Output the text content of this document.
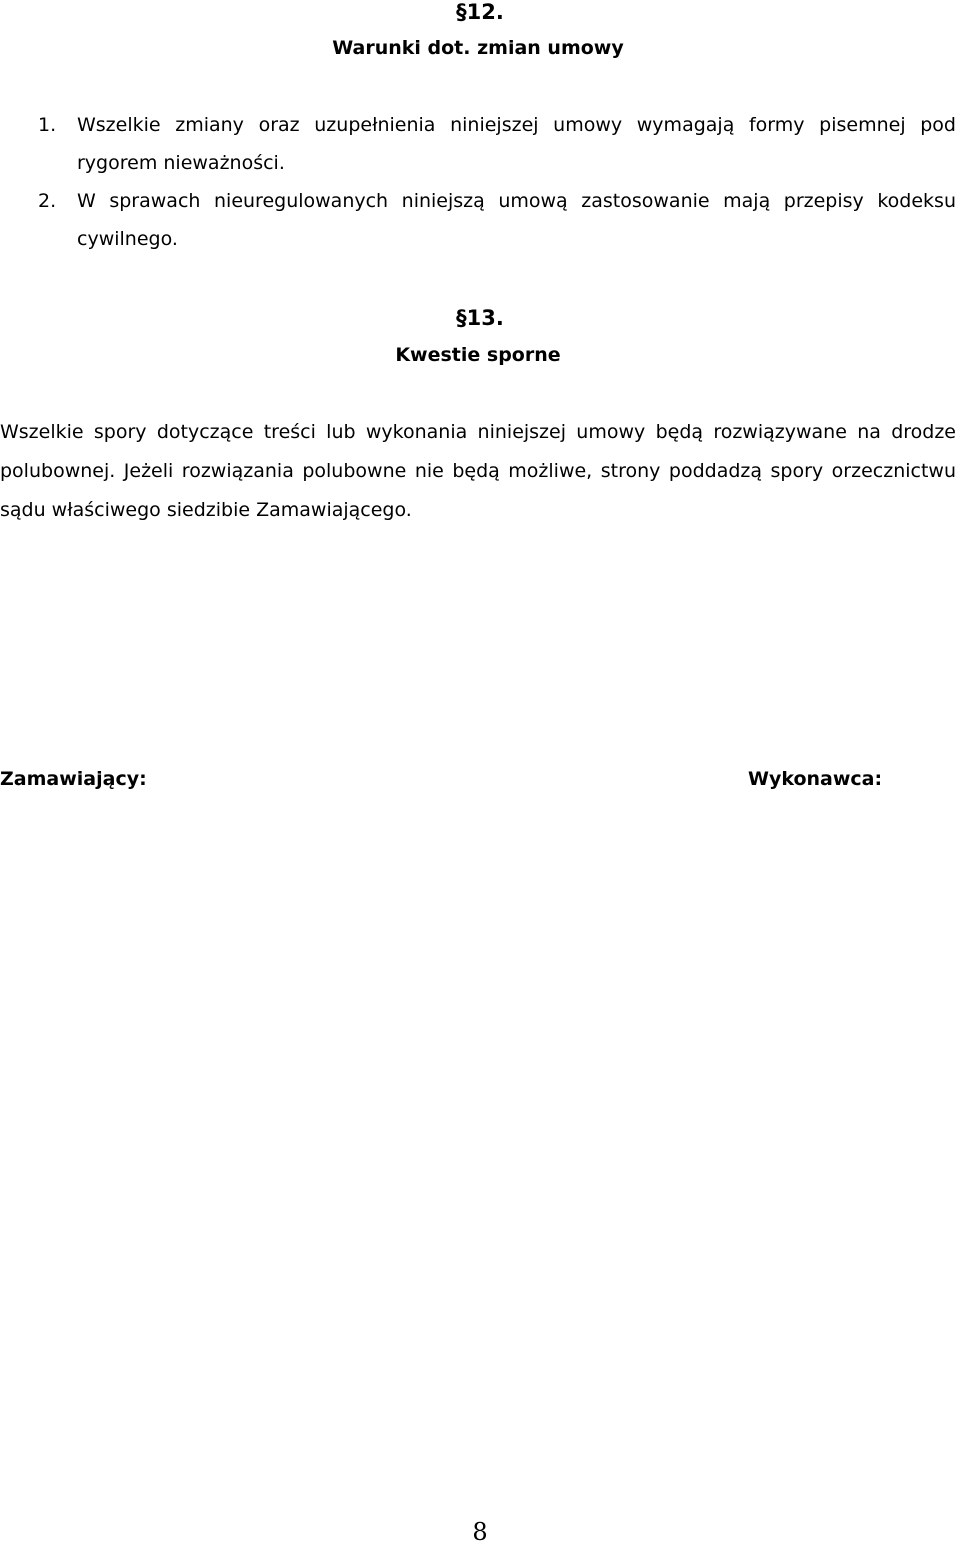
§12.
Warunki dot. zmian umowy
1. Wszelkie zmiany oraz uzupełnienia niniejszej umowy wymagają formy pisemnej pod rygorem nieważności.
2. W sprawach nieuregulowanych niniejszą umową zastosowanie mają przepisy kodeksu cywilnego.
§13.
Kwestie sporne
Wszelkie spory dotyczące treści lub wykonania niniejszej umowy będą rozwiązywane na drodze polubownej. Jeżeli rozwiązania polubowne nie będą możliwe, strony poddadzą spory orzecznictwu sądu właściwego siedzibie Zamawiającego.
Zamawiający:	Wykonawca:
8
